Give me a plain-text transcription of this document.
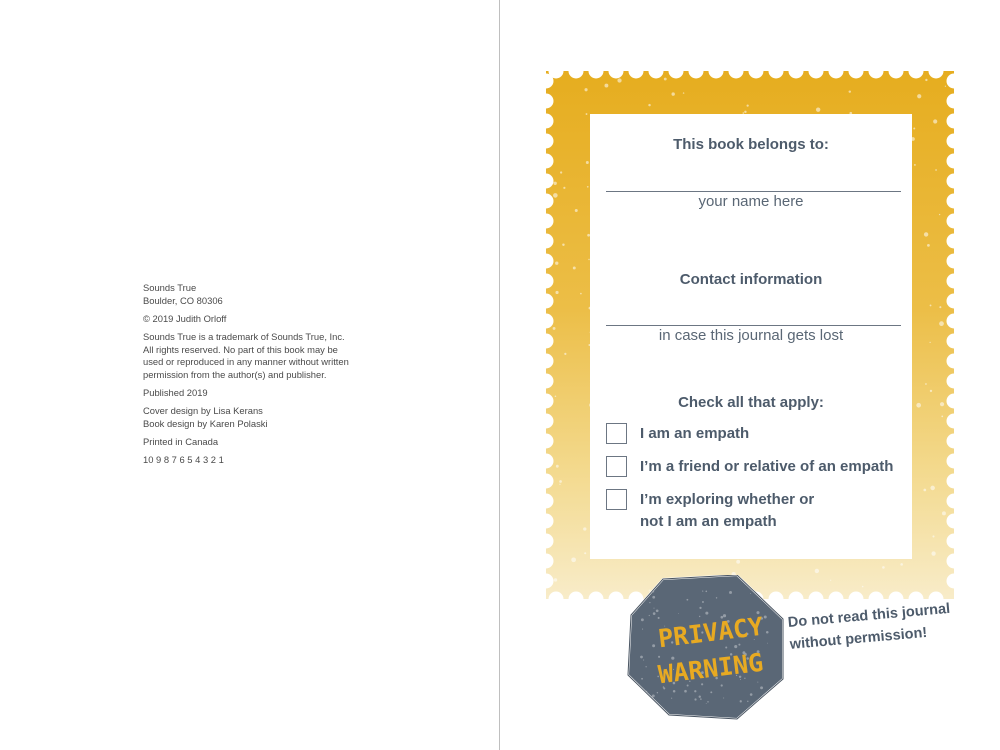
Sounds True
Boulder, CO 80306

© 2019 Judith Orloff

Sounds True is a trademark of Sounds True, Inc.
All rights reserved. No part of this book may be
used or reproduced in any manner without written
permission from the author(s) and publisher.

Published 2019

Cover design by Lisa Kerans
Book design by Karen Polaski

Printed in Canada

10 9 8 7 6 5 4 3 2 1

This book belongs to:
your name here
Contact information
in case this journal gets lost
Check all that apply:
I am an empath
I’m a friend or relative of an empath
I’m exploring whether or
not I am an empath
PRIVACY
WARNING
Do not read this journal
without permission!
